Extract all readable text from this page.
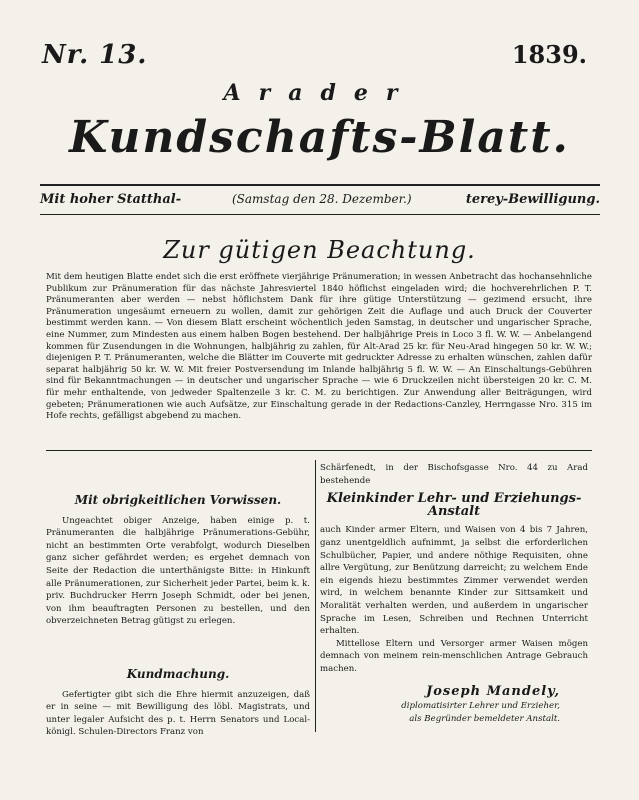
Nr. 13.	1839.
Arader
Kundschafts-Blatt.
Mit hoher Statthal-	(Samstag den 28. Dezember.)	terey-Bewilligung.
Zur gütigen Beachtung.
Mit dem heutigen Blatte endet sich die erst eröffnete vierjährige Pränumeration; in wessen Anbetracht das hochansehnliche Publikum zur Pränumeration für das nächste Jahresviertel 1840 höflichst eingeladen wird; die hochverehrlichen P. T. Pränumeranten aber werden — nebst höflichstem Dank für ihre gütige Unterstützung — gezimend ersucht, ihre Pränumeration ungesäumt erneuern zu wollen, damit zur gehörigen Zeit die Auflage und auch Druck der Couverter bestimmt werden kann. — Von diesem Blatt erscheint wöchentlich jeden Samstag, in deutscher und ungarischer Sprache, eine Nummer, zum Mindesten aus einem halben Bogen bestehend. Der halbjährige Preis in Loco 3 fl. W. W. — Anbelangend kommen für Zusendungen in die Wohnungen, halbjährig zu zahlen, für Alt-Arad 25 kr. für Neu-Arad hingegen 50 kr. W. W.; diejenigen P. T. Pränumeranten, welche die Blätter im Couverte mit gedruckter Adresse zu erhalten wünschen, zahlen dafür separat halbjährig 50 kr. W. W. Mit freier Postversendung im Inlande halbjährig 5 fl. W. W. — An Einschaltungs-Gebühren sind für Bekanntmachungen — in deutscher und ungarischer Sprache — wie 6 Druckzeilen nicht übersteigen 20 kr. C. M. für mehr enthaltende, von jedweder Spaltenzeile 3 kr. C. M. zu berichtigen. Zur Anwendung aller Beiträgungen, wird gebeten; Pränumerationen wie auch Aufsätze, zur Einschaltung gerade in der Redactions-Canzley, Herrngasse Nro. 315 im Hofe rechts, gefälligst abgebend zu machen.
Mit obrigkeitlichen Vorwissen.

Ungeachtet obiger Anzeige, haben einige p. t. Pränumeranten die halbjährige Pränumerations-Gebühr, nicht an bestimmten Orte verabfolgt, wodurch Dieselben ganz sicher gefährdet werden; es ergehet demnach von Seite der Redaction die unterthänigste Bitte: in Hinkunft alle Pränumerationen, zur Sicherheit jeder Partei, beim k. k. priv. Buchdrucker Herrn Joseph Schmidt, oder bei jenen, von ihm beauftragten Personen zu bestellen, und den obverzeichneten Betrag gütigst zu erlegen.

Kundmachung.

Gefertigter gibt sich die Ehre hiermit anzuzeigen, daß er in seine — mit Bewilligung des löbl. Magistrats, und unter legaler Aufsicht des p. t. Herrn Senators und Local-königl. Schulen-Directors Franz von

Schärfenedt, in der Bischofsgasse Nro. 44 zu Arad bestehende

Kleinkinder Lehr- und Erziehungs-Anstalt

auch Kinder armer Eltern, und Waisen von 4 bis 7 Jahren, ganz unentgeldlich aufnimmt, ja selbst die erforderlichen Schulbücher, Papier, und andere nöthige Requisiten, ohne allre Vergütung, zur Benützung darreicht; zu welchem Ende ein eigends hiezu bestimmtes Zimmer verwendet werden wird, in welchem benannte Kinder zur Sittsamkeit und Moralität verhalten werden, und außerdem in ungarischer Sprache im Lesen, Schreiben und Rechnen Unterricht erhalten.

Mittellose Eltern und Versorger armer Waisen mögen demnach von meinem rein-menschlichen Antrage Gebrauch machen.

Joseph Mandely,

diplomatisirter Lehrer und Erzieher,

als Begründer bemeldeter Anstalt.
